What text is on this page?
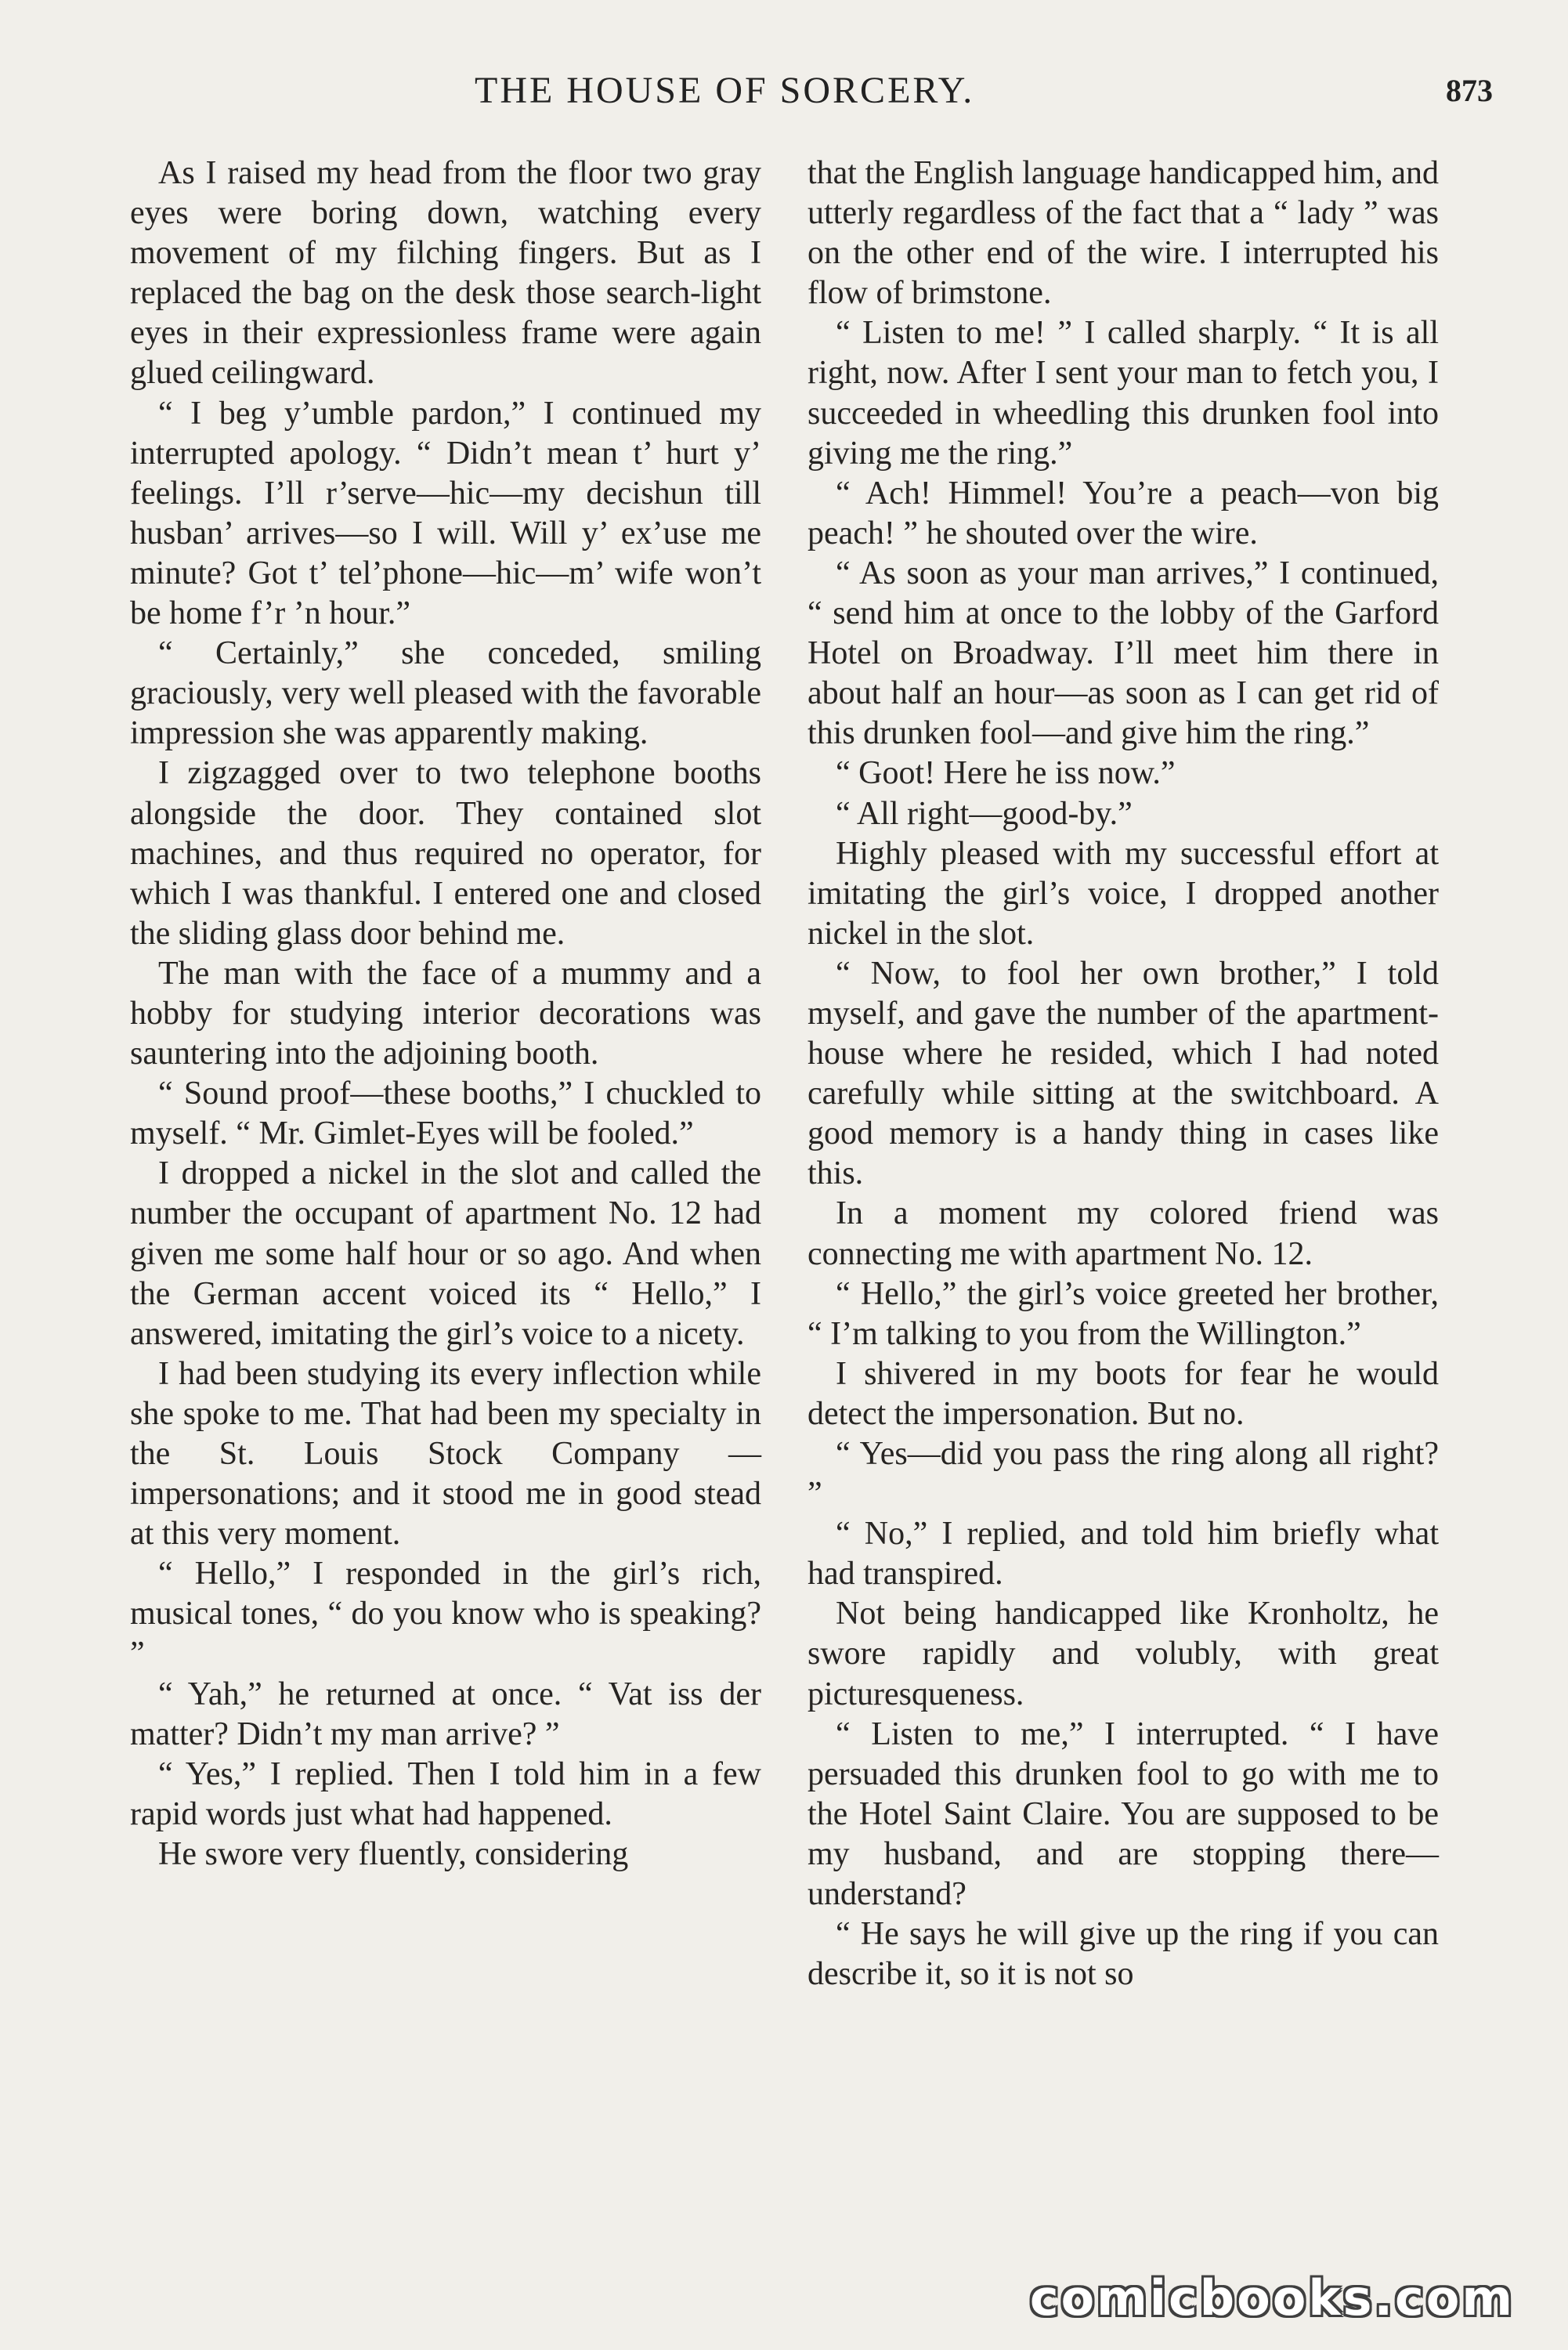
THE HOUSE OF SORCERY.	873

As I raised my head from the floor two gray eyes were boring down, watching every movement of my filching fingers. But as I replaced the bag on the desk those search-light eyes in their expressionless frame were again glued ceilingward.

“ I beg y’umble pardon,” I continued my interrupted apology. “ Didn’t mean t’ hurt y’ feelings. I’ll r’serve—hic—my decishun till husban’ arrives—so I will. Will y’ ex’use me minute? Got t’ tel’phone—hic—m’ wife won’t be home f’r ’n hour.”

“ Certainly,” she conceded, smiling graciously, very well pleased with the favorable impression she was apparently making.

I zigzagged over to two telephone booths alongside the door. They contained slot machines, and thus required no operator, for which I was thankful. I entered one and closed the sliding glass door behind me.

The man with the face of a mummy and a hobby for studying interior decorations was sauntering into the adjoining booth.

“ Sound proof—these booths,” I chuckled to myself. “ Mr. Gimlet-Eyes will be fooled.”

I dropped a nickel in the slot and called the number the occupant of apartment No. 12 had given me some half hour or so ago. And when the German accent voiced its “ Hello,” I answered, imitating the girl’s voice to a nicety.

I had been studying its every inflection while she spoke to me. That had been my specialty in the St. Louis Stock Company — impersonations; and it stood me in good stead at this very moment.

“ Hello,” I responded in the girl’s rich, musical tones, “ do you know who is speaking? ”

“ Yah,” he returned at once. “ Vat iss der matter? Didn’t my man arrive? ”

“ Yes,” I replied. Then I told him in a few rapid words just what had happened.

He swore very fluently, considering

that the English language handicapped him, and utterly regardless of the fact that a “ lady ” was on the other end of the wire. I interrupted his flow of brimstone.

“ Listen to me! ” I called sharply. “ It is all right, now. After I sent your man to fetch you, I succeeded in wheedling this drunken fool into giving me the ring.”

“ Ach! Himmel! You’re a peach—von big peach! ” he shouted over the wire.

“ As soon as your man arrives,” I continued, “ send him at once to the lobby of the Garford Hotel on Broadway. I’ll meet him there in about half an hour—as soon as I can get rid of this drunken fool—and give him the ring.”

“ Goot! Here he iss now.”

“ All right—good-by.”

Highly pleased with my successful effort at imitating the girl’s voice, I dropped another nickel in the slot.

“ Now, to fool her own brother,” I told myself, and gave the number of the apartment-house where he resided, which I had noted carefully while sitting at the switchboard. A good memory is a handy thing in cases like this.

In a moment my colored friend was connecting me with apartment No. 12.

“ Hello,” the girl’s voice greeted her brother, “ I’m talking to you from the Willington.”

I shivered in my boots for fear he would detect the impersonation. But no.

“ Yes—did you pass the ring along all right? ”

“ No,” I replied, and told him briefly what had transpired.

Not being handicapped like Kronholtz, he swore rapidly and volubly, with great picturesqueness.

“ Listen to me,” I interrupted. “ I have persuaded this drunken fool to go with me to the Hotel Saint Claire. You are supposed to be my husband, and are stopping there—understand?

“ He says he will give up the ring if you can describe it, so it is not so

comicbooks.com
